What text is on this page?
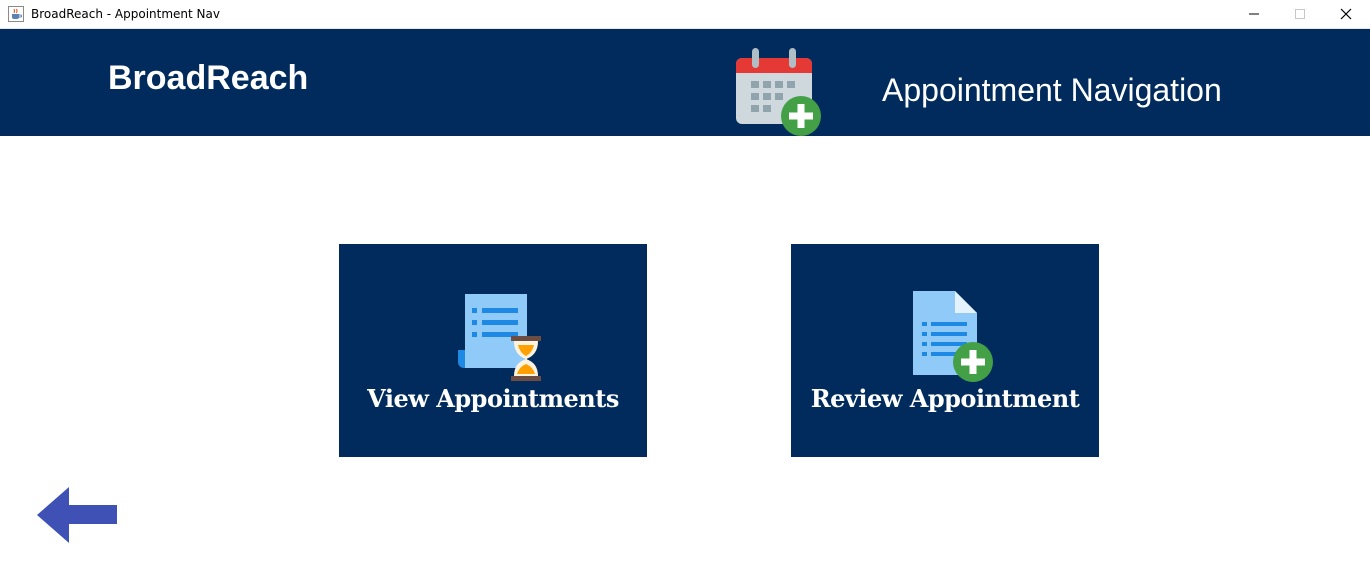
BroadReach - Appointment Nav
BroadReach	Appointment Navigation
View Appointments	Review Appointment
